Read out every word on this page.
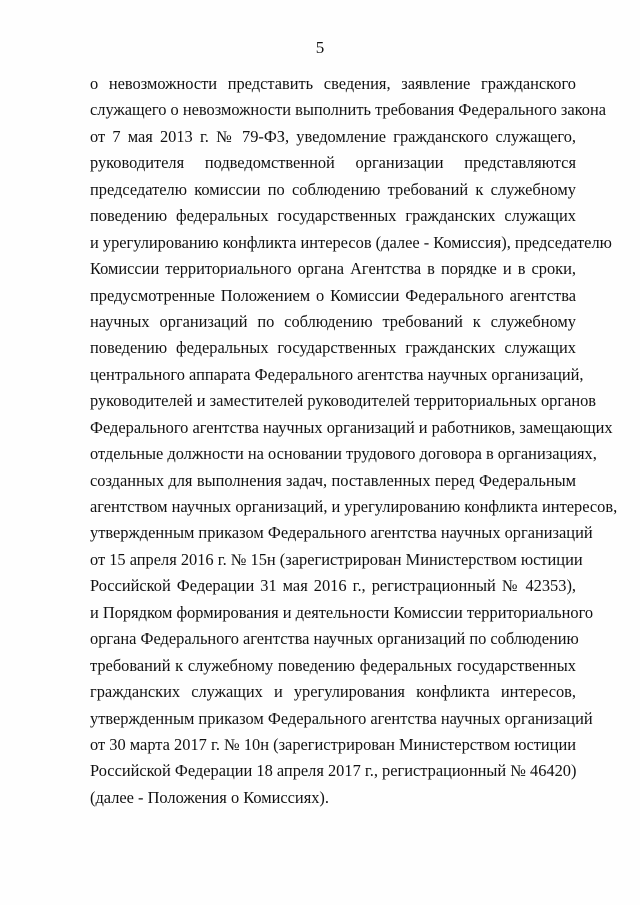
5
о невозможности представить сведения, заявление гражданского
служащего о невозможности выполнить требования Федерального закона
от 7 мая 2013 г. № 79-ФЗ, уведомление гражданского служащего,
руководителя подведомственной организации представляются
председателю комиссии по соблюдению требований к служебному
поведению федеральных государственных гражданских служащих
и урегулированию конфликта интересов (далее - Комиссия), председателю
Комиссии территориального органа Агентства в порядке и в сроки,
предусмотренные Положением о Комиссии Федерального агентства
научных организаций по соблюдению требований к служебному
поведению федеральных государственных гражданских служащих
центрального аппарата Федерального агентства научных организаций,
руководителей и заместителей руководителей территориальных органов
Федерального агентства научных организаций и работников, замещающих
отдельные должности на основании трудового договора в организациях,
созданных для выполнения задач, поставленных перед Федеральным
агентством научных организаций, и урегулированию конфликта интересов,
утвержденным приказом Федерального агентства научных организаций
от 15 апреля 2016 г. № 15н (зарегистрирован Министерством юстиции
Российской Федерации 31 мая 2016 г., регистрационный № 42353),
и Порядком формирования и деятельности Комиссии территориального
органа Федерального агентства научных организаций по соблюдению
требований к служебному поведению федеральных государственных
гражданских служащих и урегулирования конфликта интересов,
утвержденным приказом Федерального агентства научных организаций
от 30 марта 2017 г. № 10н (зарегистрирован Министерством юстиции
Российской Федерации 18 апреля 2017 г., регистрационный № 46420)
(далее - Положения о Комиссиях).
